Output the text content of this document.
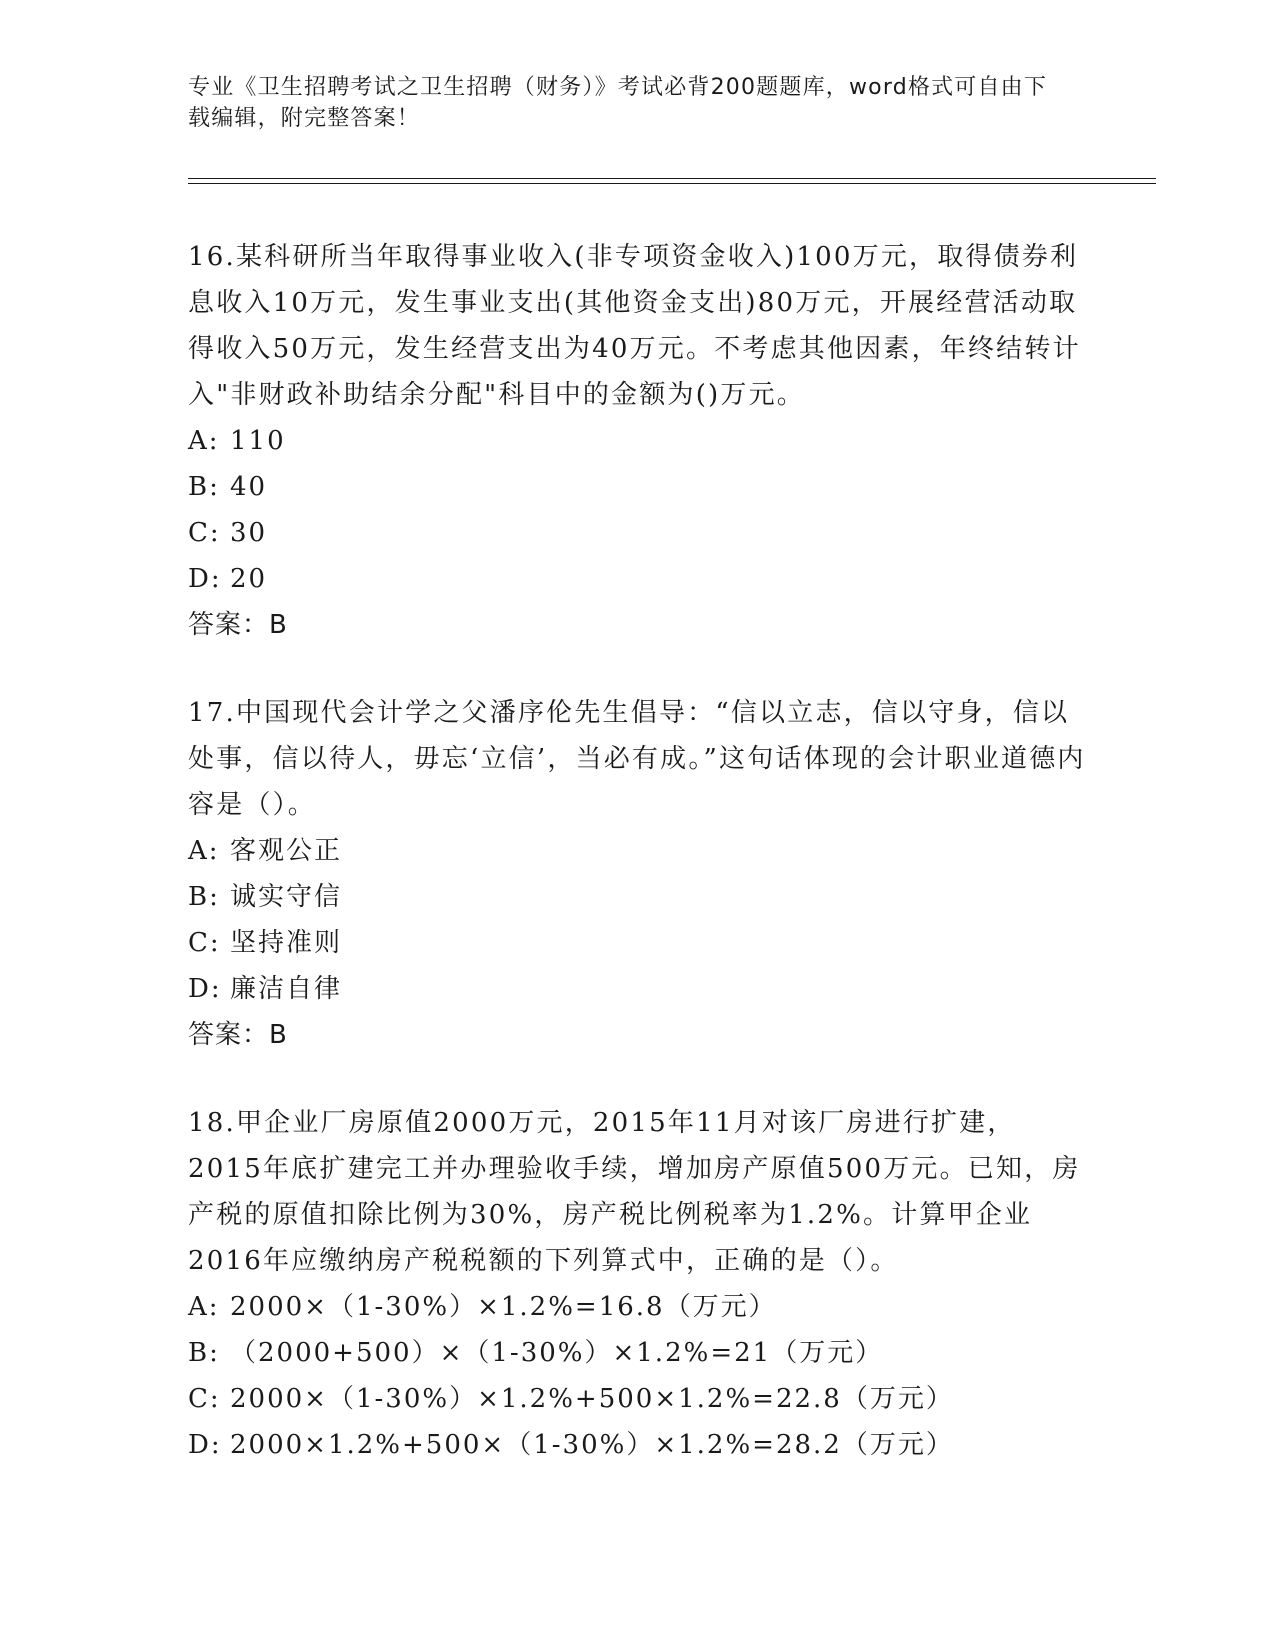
专业《卫生招聘考试之卫生招聘（财务）》考试必背200题题库，word格式可自由下载编辑，附完整答案！

16.某科研所当年取得事业收入(非专项资金收入)100万元，取得债券利息收入10万元，发生事业支出(其他资金支出)80万元，开展经营活动取得收入50万元，发生经营支出为40万元。不考虑其他因素，年终结转计入"非财政补助结余分配"科目中的金额为()万元。

A: 110
B: 40
C: 30
D: 20
答案：B

17.中国现代会计学之父潘序伦先生倡导：“信以立志，信以守身，信以处事，信以待人，毋忘‘立信’，当必有成。”这句话体现的会计职业道德内容是（）。

A: 客观公正
B: 诚实守信
C: 坚持准则
D: 廉洁自律
答案：B

18.甲企业厂房原值2000万元，2015年11月对该厂房进行扩建，2015年底扩建完工并办理验收手续，增加房产原值500万元。已知，房产税的原值扣除比例为30%，房产税比例税率为1.2%。计算甲企业2016年应缴纳房产税税额的下列算式中，正确的是（）。

A: 2000×（1-30%）×1.2%=16.8（万元）
B: （2000+500）×（1-30%）×1.2%=21（万元）
C: 2000×（1-30%）×1.2%+500×1.2%=22.8（万元）
D: 2000×1.2%+500×（1-30%）×1.2%=28.2（万元）
